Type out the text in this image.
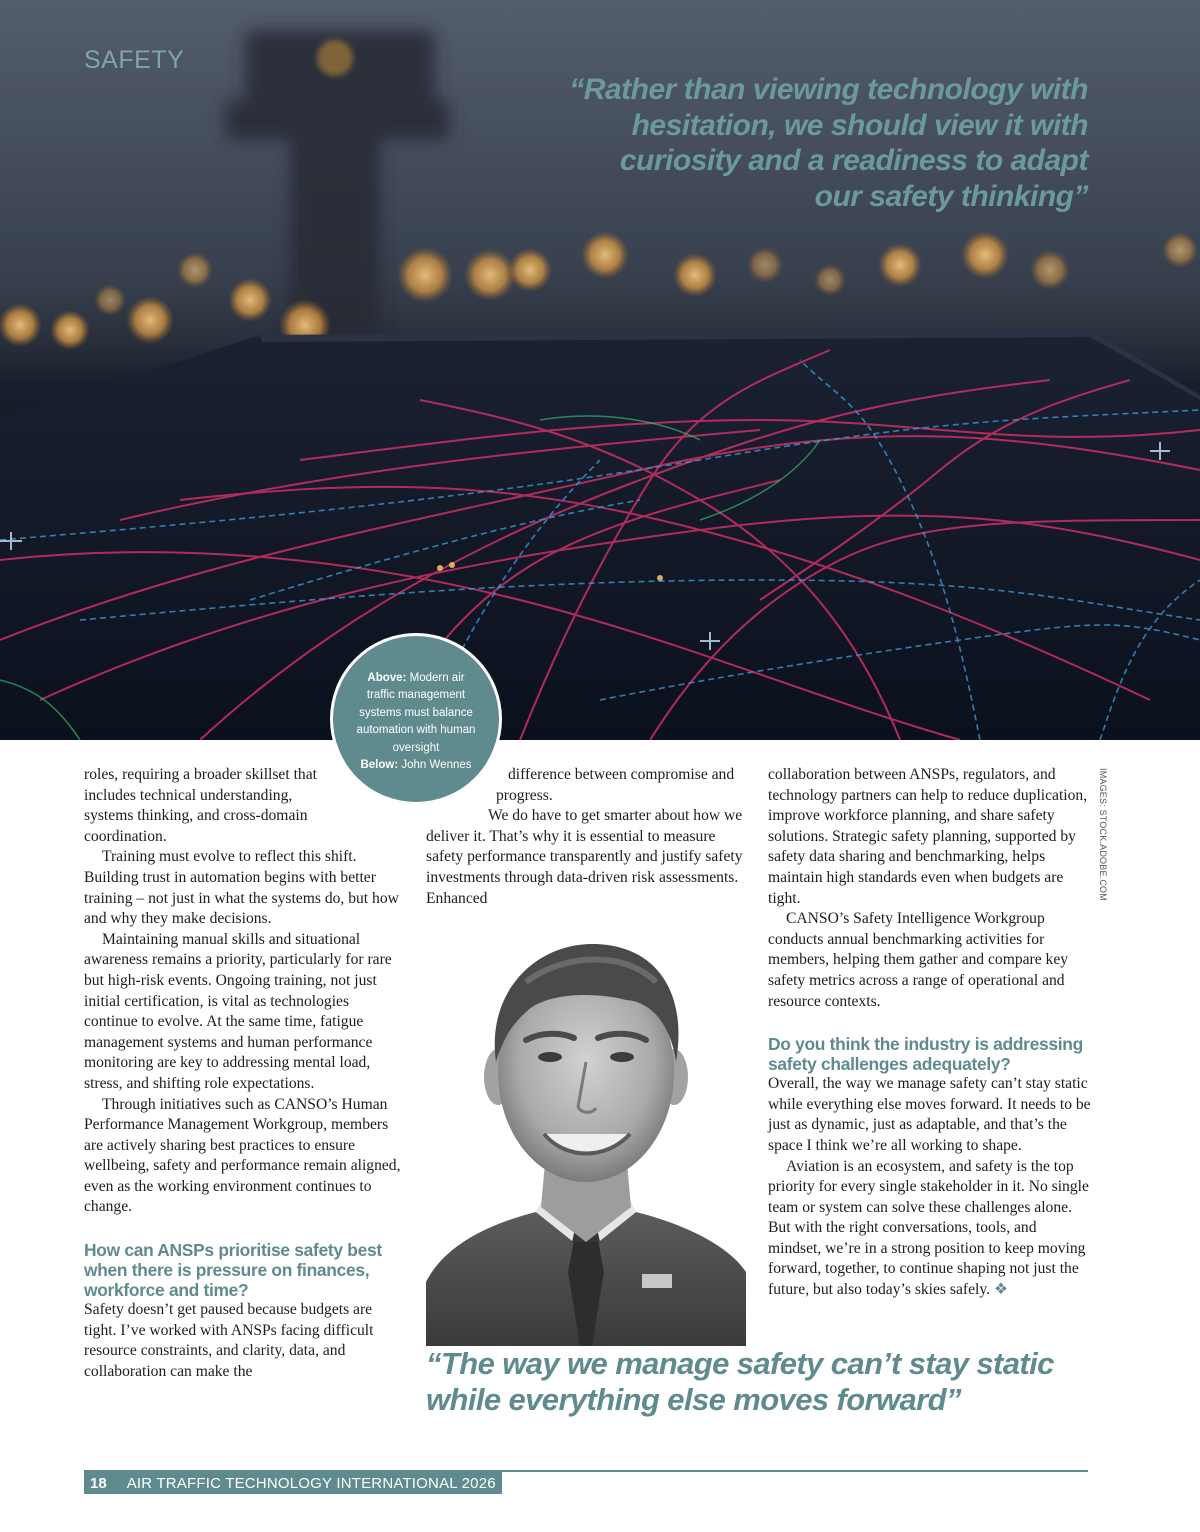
SAFETY
“Rather than viewing technology with hesitation, we should view it with curiosity and a readiness to adapt our safety thinking”
Above: Modern air traffic management systems must balance automation with human oversight
Below: John Wennes
IMAGES: STOCK.ADOBE.COM

roles, requiring a broader skillset that includes technical understanding, systems thinking, and cross-domain coordination.

Training must evolve to reflect this shift. Building trust in automation begins with better training – not just in what the systems do, but how and why they make decisions.

Maintaining manual skills and situational awareness remains a priority, particularly for rare but high-risk events. Ongoing training, not just initial certification, is vital as technologies continue to evolve. At the same time, fatigue management systems and human performance monitoring are key to addressing mental load, stress, and shifting role expectations.

Through initiatives such as CANSO’s Human Performance Management Workgroup, members are actively sharing best practices to ensure wellbeing, safety and performance remain aligned, even as the working environment continues to change.

How can ANSPs prioritise safety best when there is pressure on finances, workforce and time?

Safety doesn’t get paused because budgets are tight. I’ve worked with ANSPs facing difficult resource constraints, and clarity, data, and collaboration can make the

difference between compromise and progress.

We do have to get smarter about how we deliver it. That’s why it is essential to measure safety performance transparently and justify safety investments through data-driven risk assessments. Enhanced

“The way we manage safety can’t stay static while everything else moves forward”

collaboration between ANSPs, regulators, and technology partners can help to reduce duplication, improve workforce planning, and share safety solutions. Strategic safety planning, supported by safety data sharing and benchmarking, helps maintain high standards even when budgets are tight.

CANSO’s Safety Intelligence Workgroup conducts annual benchmarking activities for members, helping them gather and compare key safety metrics across a range of operational and resource contexts.

Do you think the industry is addressing safety challenges adequately?

Overall, the way we manage safety can’t stay static while everything else moves forward. It needs to be just as dynamic, just as adaptable, and that’s the space I think we’re all working to shape.

Aviation is an ecosystem, and safety is the top priority for every single stakeholder in it. No single team or system can solve these challenges alone. But with the right conversations, tools, and mindset, we’re in a strong position to keep moving forward, together, to continue shaping not just the future, but also today’s skies safely. ❖

18	AIR TRAFFIC TECHNOLOGY INTERNATIONAL 2026
